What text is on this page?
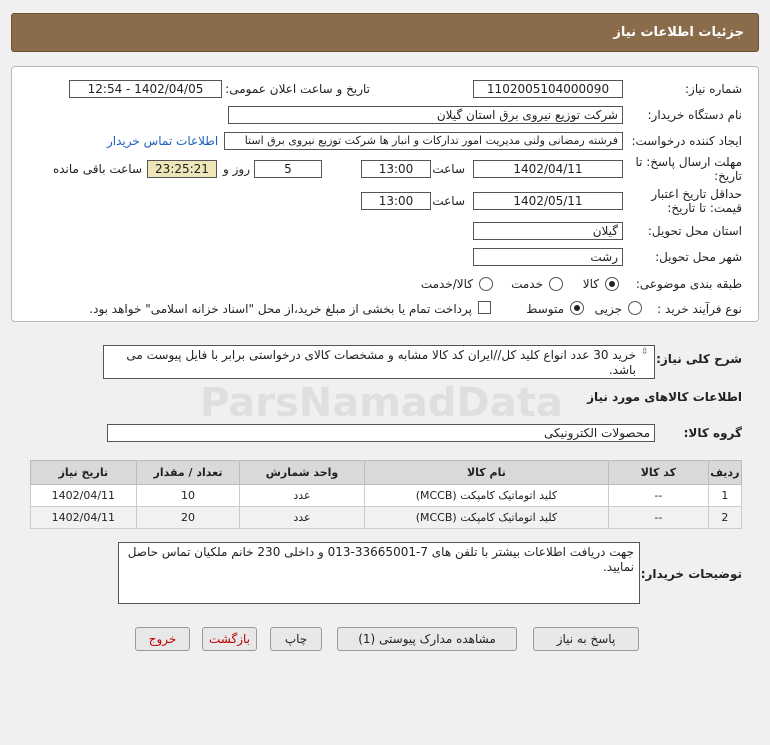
جزئیات اطلاعات نیاز
شماره نیاز:
1102005104000090
تاریخ و ساعت اعلان عمومی:
1402/04/05 - 12:54
نام دستگاه خریدار:
شرکت توزیع نیروی برق استان گیلان
ایجاد کننده درخواست:
فرشته رمضانی ولنی مدیریت امور تدارکات و انبار ها شرکت توزیع نیروی برق استا
اطلاعات تماس خریدار
مهلت ارسال پاسخ: تا
تاریخ:
1402/04/11
ساعت
13:00
5
روز و
23:25:21
ساعت باقی مانده
حداقل تاریخ اعتبار
قیمت: تا تاریخ:
1402/05/11
ساعت
13:00
استان محل تحویل:
گیلان
شهر محل تحویل:
رشت
طبقه بندی موضوعی:
کالا
خدمت
کالا/خدمت
نوع فرآیند خرید :
جزیی
متوسط
پرداخت تمام یا بخشی از مبلغ خرید،از محل "اسناد خزانه اسلامی" خواهد بود.
شرح کلی نیاز:
خرید 30 عدد انواع کلید کل//ایران کد کالا مشابه و مشخصات کالای درخواستی برابر با فایل پیوست می باشد.
⇳
اطلاعات کالاهای مورد نیاز
گروه کالا:
محصولات الکترونیکی
ParsNamadData
ردیف	کد کالا	نام کالا	واحد شمارش	تعداد / مقدار	تاریخ نیاز
1	--	کلید اتوماتیک کامپکت (MCCB)	عدد	10	1402/04/11
2	--	کلید اتوماتیک کامپکت (MCCB)	عدد	20	1402/04/11
توضیحات خریدار:
جهت دریافت اطلاعات بیشتر با تلفن های 7-33665001-013 و داخلی 230 خانم ملکیان تماس حاصل نمایید.
پاسخ به نیاز
مشاهده مدارک پیوستی (1)
چاپ
بازگشت
خروج
